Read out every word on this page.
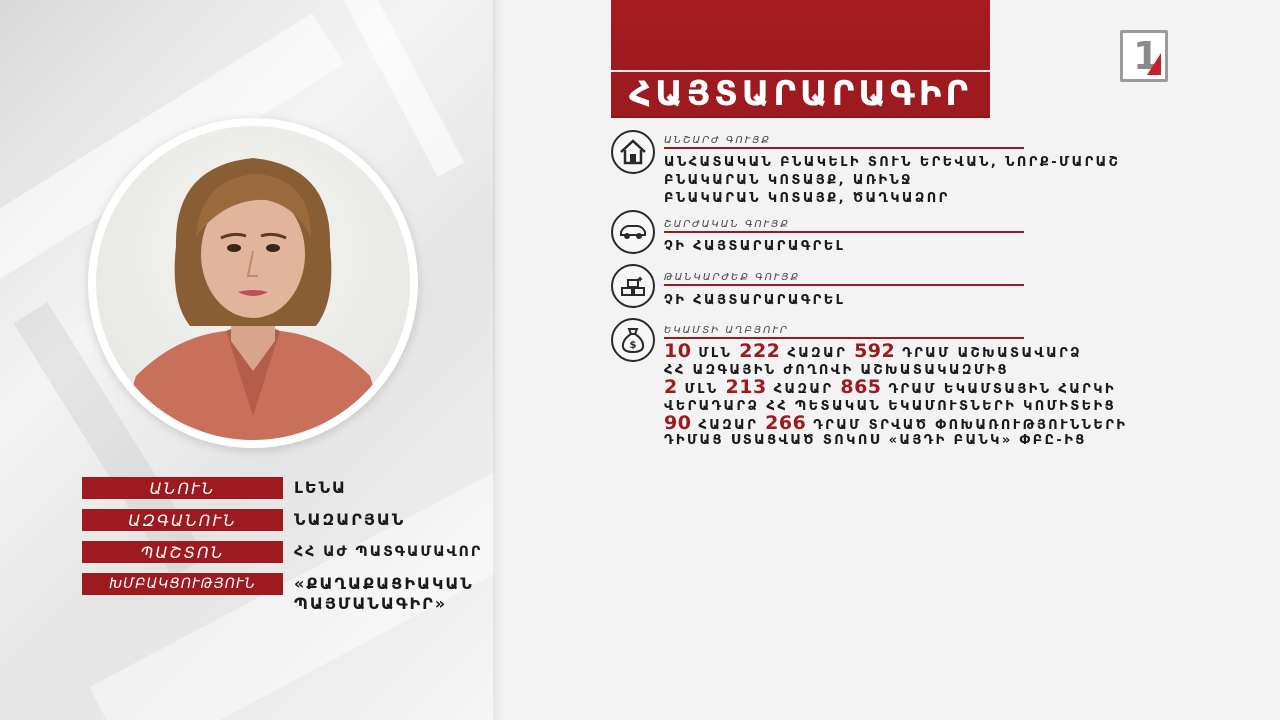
ԱՆՈՒՆ	ԼԵՆԱ
ԱԶԳԱՆՈՒՆ	ՆԱԶԱՐՅԱՆ
ՊԱՇՏՈՆ	ՀՀ ԱԺ ՊԱՏԳԱՄԱՎՈՐ
ԽՄԲԱԿՑՈՒԹՅՈՒՆ	«ՔԱՂԱՔԱՑԻԱԿԱՆ
ՊԱՅՄԱՆԱԳԻՐ»
ՀԱՅՏԱՐԱՐԱԳԻՐ
1
ԱՆՇԱՐԺ ԳՈՒՅՔ
ԱՆՀԱՏԱԿԱՆ ԲՆԱԿԵԼԻ ՏՈՒՆ ԵՐԵՎԱՆ, ՆՈՐՔ-ՄԱՐԱՇ
ԲՆԱԿԱՐԱՆ ԿՈՏԱՅՔ, ԱՌԻՆՋ
ԲՆԱԿԱՐԱՆ ԿՈՏԱՅՔ, ԾԱՂԿԱՁՈՐ
ՇԱՐԺԱԿԱՆ ԳՈՒՅՔ
ՉԻ ՀԱՅՏԱՐԱՐԱԳՐԵԼ
ԹԱՆԿԱՐԺԵՔ ԳՈՒՅՔ
ՉԻ ՀԱՅՏԱՐԱՐԱԳՐԵԼ
$
ԵԿԱՄՏԻ ԱՂԲՅՈՒՐ
10 ՄԼՆ 222 ՀԱԶԱՐ 592 ԴՐԱՄ ԱՇԽԱՏԱՎԱՐՁ
ՀՀ ԱԶԳԱՅԻՆ ԺՈՂՈՎԻ ԱՇԽԱՏԱԿԱԶՄԻՑ
2 ՄԼՆ 213 ՀԱԶԱՐ 865 ԴՐԱՄ ԵԿԱՄՏԱՅԻՆ ՀԱՐԿԻ
ՎԵՐԱԴԱՐՁ ՀՀ ՊԵՏԱԿԱՆ ԵԿԱՄՈՒՏՆԵՐԻ ԿՈՄԻՏԵԻՑ
90 ՀԱԶԱՐ 266 ԴՐԱՄ ՏՐՎԱԾ ՓՈԽԱՌՈՒԹՅՈՒՆՆԵՐԻ
ԴԻՄԱՑ ՍՏԱՑՎԱԾ ՏՈԿՈՍ «ԱՅԴԻ ԲԱՆԿ» ՓԲԸ-ԻՑ
